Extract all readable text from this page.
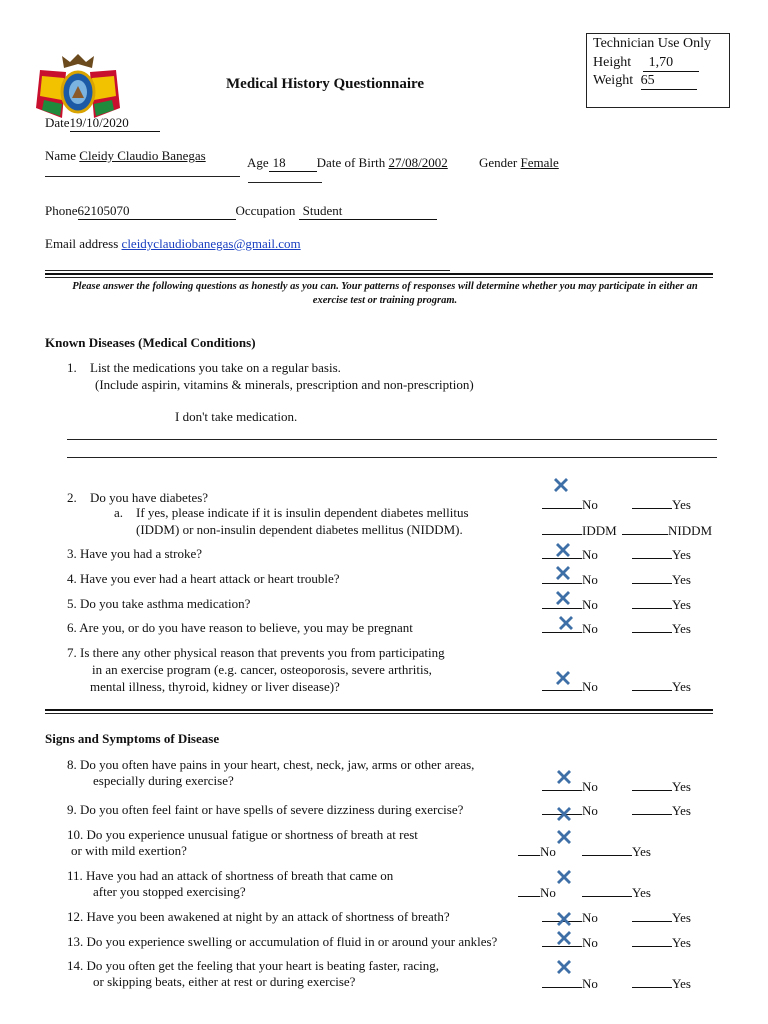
Medical History Questionnaire
Technician Use Only
Height 1,70
Weight 65
Date19/10/2020
Name Cleidy Claudio Banegas	Age 18 Date of Birth 27/08/2002 Gender Female
Phone62105070	Occupation Student
Email address cleidyclaudiobanegas@gmail.com
Please answer the following questions as honestly as you can. Your patterns of responses will determine whether you may participate in either an exercise test or training program.
Known Diseases (Medical Conditions)
1. List the medications you take on a regular basis.
(Include aspirin, vitamins & minerals, prescription and non-prescription)
I don't take medication.
2. Do you have diabetes?
a. If yes, please indicate if it is insulin dependent diabetes mellitus
(IDDM) or non-insulin dependent diabetes mellitus (NIDDM).
No	Yes
IDDM	NIDDM
3. Have you had a stroke?	No	Yes
4. Have you ever had a heart attack or heart trouble?	No	Yes
5. Do you take asthma medication?	No	Yes
6. Are you, or do you have reason to believe, you may be pregnant	No	Yes
7. Is there any other physical reason that prevents you from participating
in an exercise program (e.g. cancer, osteoporosis, severe arthritis,
mental illness, thyroid, kidney or liver disease)?	No	Yes
Signs and Symptoms of Disease
8. Do you often have pains in your heart, chest, neck, jaw, arms or other areas,
especially during exercise?	No	Yes
9. Do you often feel faint or have spells of severe dizziness during exercise?	No	Yes
10. Do you experience unusual fatigue or shortness of breath at rest
or with mild exertion?	No	Yes
11. Have you had an attack of shortness of breath that came on
after you stopped exercising?	No	Yes
12. Have you been awakened at night by an attack of shortness of breath?	No	Yes
13. Do you experience swelling or accumulation of fluid in or around your ankles?	No	Yes
14. Do you often get the feeling that your heart is beating faster, racing,
or skipping beats, either at rest or during exercise?	No	Yes
